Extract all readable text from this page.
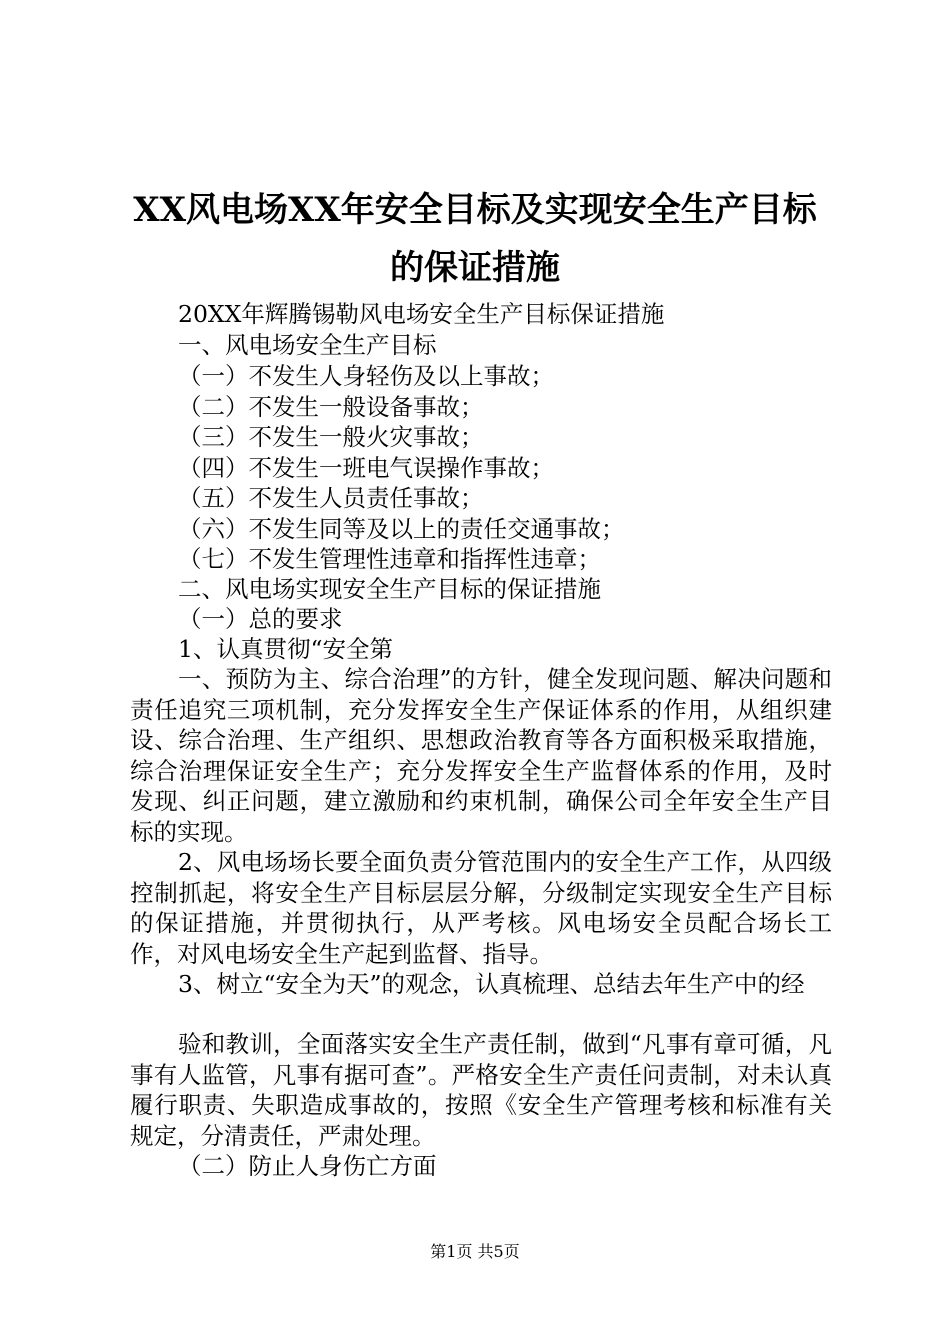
XX风电场XX年安全目标及实现安全生产目标
的保证措施
20XX年辉腾锡勒风电场安全生产目标保证措施
一、风电场安全生产目标
（一）不发生人身轻伤及以上事故；
（二）不发生一般设备事故；
（三）不发生一般火灾事故；
（四）不发生一班电气误操作事故；
（五）不发生人员责任事故；
（六）不发生同等及以上的责任交通事故；
（七）不发生管理性违章和指挥性违章；
二、风电场实现安全生产目标的保证措施
（一）总的要求
1、认真贯彻“安全第
一、预防为主、综合治理”的方针，健全发现问题、解决问题和责任追究三项机制，充分发挥安全生产保证体系的作用，从组织建设、综合治理、生产组织、思想政治教育等各方面积极采取措施，综合治理保证安全生产；充分发挥安全生产监督体系的作用，及时发现、纠正问题，建立激励和约束机制，确保公司全年安全生产目标的实现。
2、风电场场长要全面负责分管范围内的安全生产工作，从四级控制抓起，将安全生产目标层层分解，分级制定实现安全生产目标的保证措施，并贯彻执行，从严考核。风电场安全员配合场长工作，对风电场安全生产起到监督、指导。
3、树立“安全为天”的观念，认真梳理、总结去年生产中的经
验和教训，全面落实安全生产责任制，做到“凡事有章可循，凡事有人监管，凡事有据可查”。严格安全生产责任问责制，对未认真履行职责、失职造成事故的，按照《安全生产管理考核和标准有关规定，分清责任，严肃处理。
（二）防止人身伤亡方面
第1页 共5页
